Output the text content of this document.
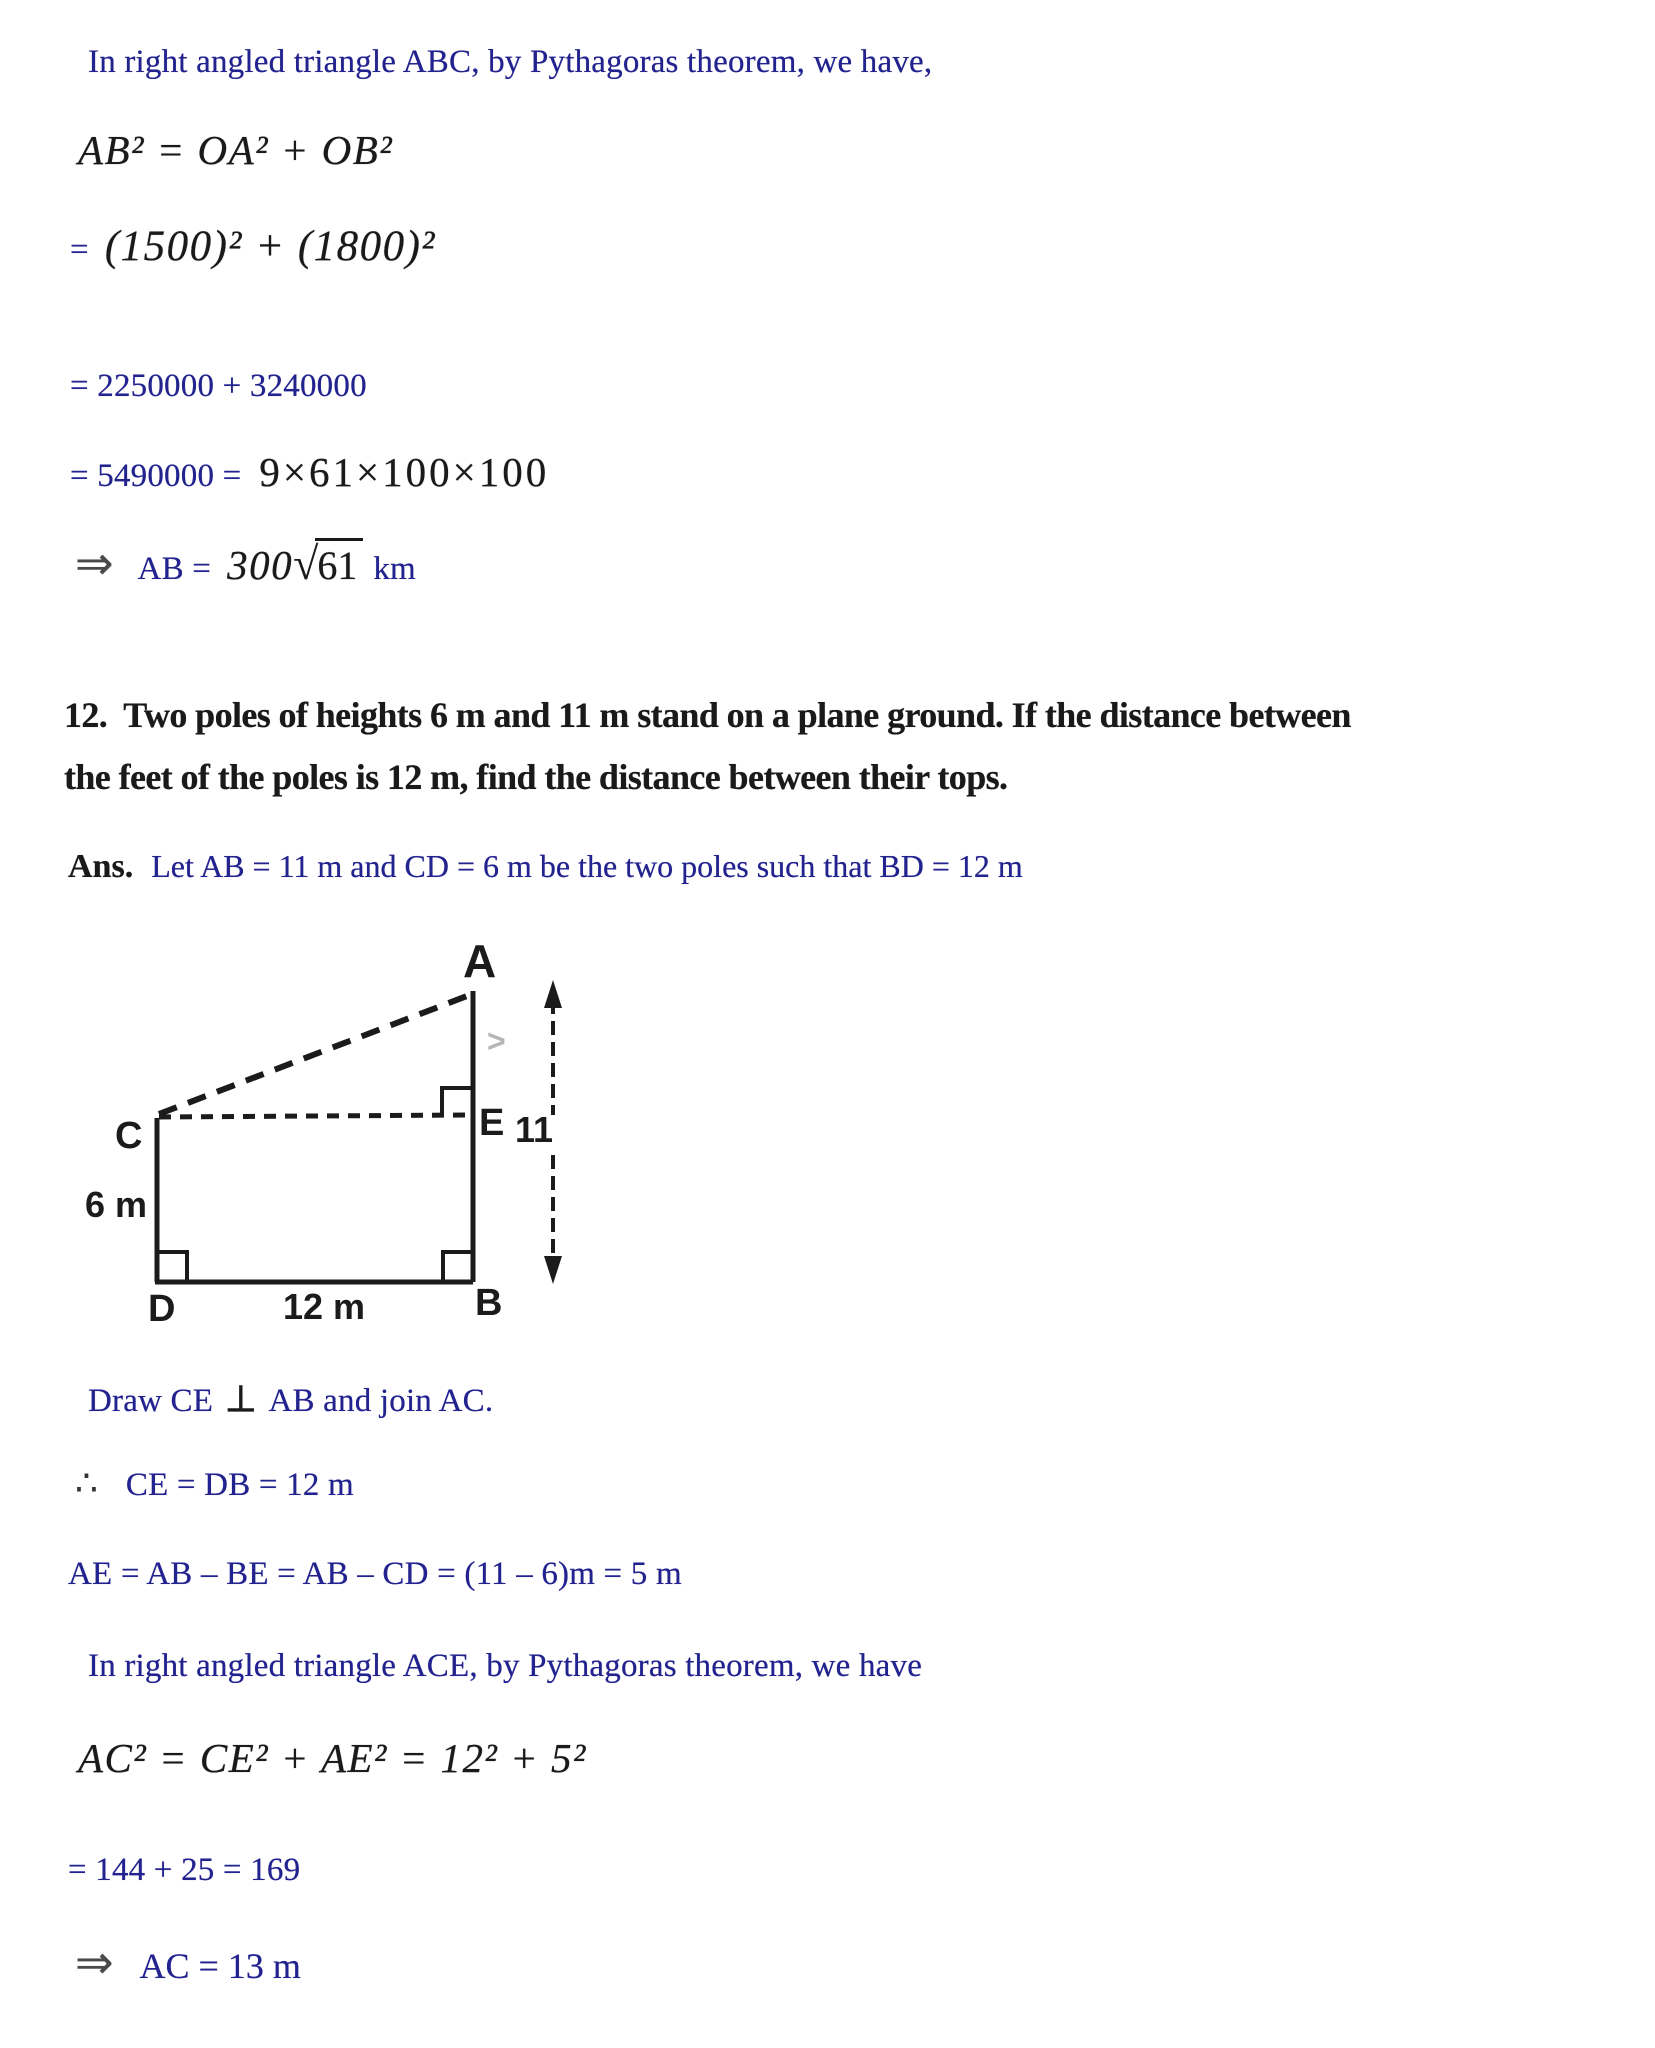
In right angled triangle ABC, by Pythagoras theorem, we have,
AB² = OA² + OB²
= (1500)² + (1800)²
= 2250000 + 3240000
= 5490000 = 9×61×100×100
⇒ AB = 300 √ 61 km
12. Two poles of heights 6 m and 11 m stand on a plane ground. If the distance between
the feet of the poles is 12 m, find the distance between their tops.
Ans. Let AB = 11 m and CD = 6 m be the two poles such that BD = 12 m
>
A
C	E
D	B
6 m
12 m
11
Draw CE ⊥ AB and join AC.
∴ CE = DB = 12 m
AE = AB – BE = AB – CD = (11 – 6)m = 5 m
In right angled triangle ACE, by Pythagoras theorem, we have
AC² = CE² + AE² = 12² + 5²
= 144 + 25 = 169
⇒ AC = 13 m
